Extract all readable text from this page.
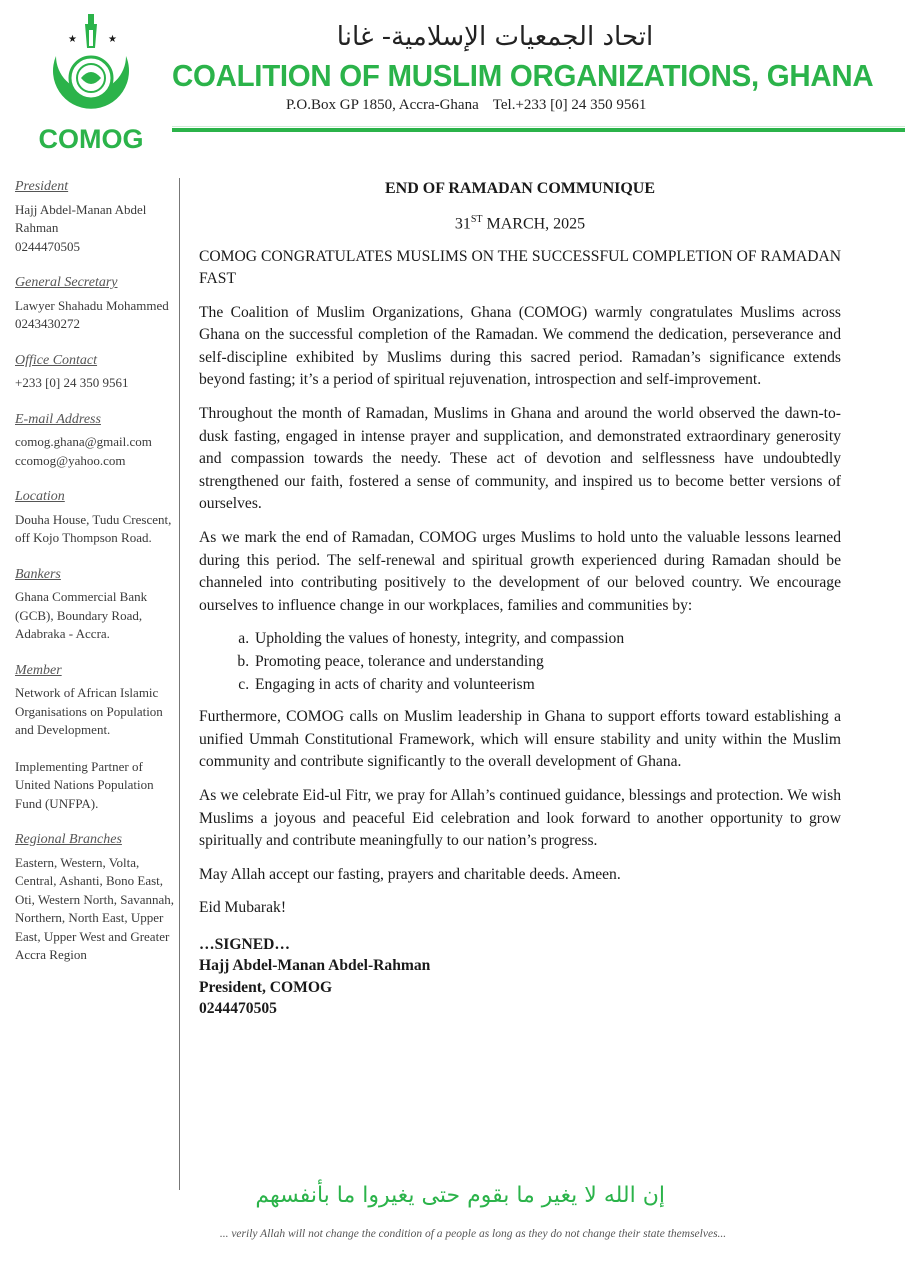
★	★
COMOG
اتحاد الجمعيات الإسلامية- غانا
COALITION OF MUSLIM ORGANIZATIONS, GHANA
P.O.Box GP 1850, Accra-Ghana Tel.+233 [0] 24 350 9561
President

Hajj Abdel-Manan Abdel Rahman

0244470505

General Secretary

Lawyer Shahadu Mohammed

0243430272

Office Contact

+233 [0] 24 350 9561

E-mail Address

comog.ghana@gmail.com

ccomog@yahoo.com

Location

Douha House, Tudu Crescent, off Kojo Thompson Road.

Bankers

Ghana Commercial Bank (GCB), Boundary Road, Adabraka - Accra.

Member

Network of African Islamic Organisations on Population and Development.

Implementing Partner of United Nations Population Fund (UNFPA).

Regional Branches

Eastern, Western, Volta, Central, Ashanti, Bono East, Oti, Western North, Savannah, Northern, North East, Upper East, Upper West and Greater Accra Region

END OF RAMADAN COMMUNIQUE
31ST MARCH, 2025

COMOG CONGRATULATES MUSLIMS ON THE SUCCESSFUL COMPLETION OF RAMADAN FAST

The Coalition of Muslim Organizations, Ghana (COMOG) warmly congratulates Muslims across Ghana on the successful completion of the Ramadan. We commend the dedication, perseverance and self-discipline exhibited by Muslims during this sacred period. Ramadan’s significance extends beyond fasting; it’s a period of spiritual rejuvenation, introspection and self-improvement.

Throughout the month of Ramadan, Muslims in Ghana and around the world observed the dawn-to-dusk fasting, engaged in intense prayer and supplication, and demonstrated extraordinary generosity and compassion towards the needy. These act of devotion and selflessness have undoubtedly strengthened our faith, fostered a sense of community, and inspired us to become better versions of ourselves.

As we mark the end of Ramadan, COMOG urges Muslims to hold unto the valuable lessons learned during this period. The self-renewal and spiritual growth experienced during Ramadan should be channeled into contributing positively to the development of our beloved country. We encourage ourselves to influence change in our workplaces, families and communities by:

a. Upholding the values of honesty, integrity, and compassion
b. Promoting peace, tolerance and understanding
c. Engaging in acts of charity and volunteerism

Furthermore, COMOG calls on Muslim leadership in Ghana to support efforts toward establishing a unified Ummah Constitutional Framework, which will ensure stability and unity within the Muslim community and contribute significantly to the overall development of Ghana.

As we celebrate Eid-ul Fitr, we pray for Allah’s continued guidance, blessings and protection. We wish Muslims a joyous and peaceful Eid celebration and look forward to another opportunity to grow spiritually and contribute meaningfully to our nation’s progress.

May Allah accept our fasting, prayers and charitable deeds. Ameen.

Eid Mubarak!

…SIGNED…
Hajj Abdel-Manan Abdel-Rahman
President, COMOG
0244470505
إن الله لا يغير ما بقوم حتى يغيروا ما بأنفسهم
... verily Allah will not change the condition of a people as long as they do not change their state themselves...
